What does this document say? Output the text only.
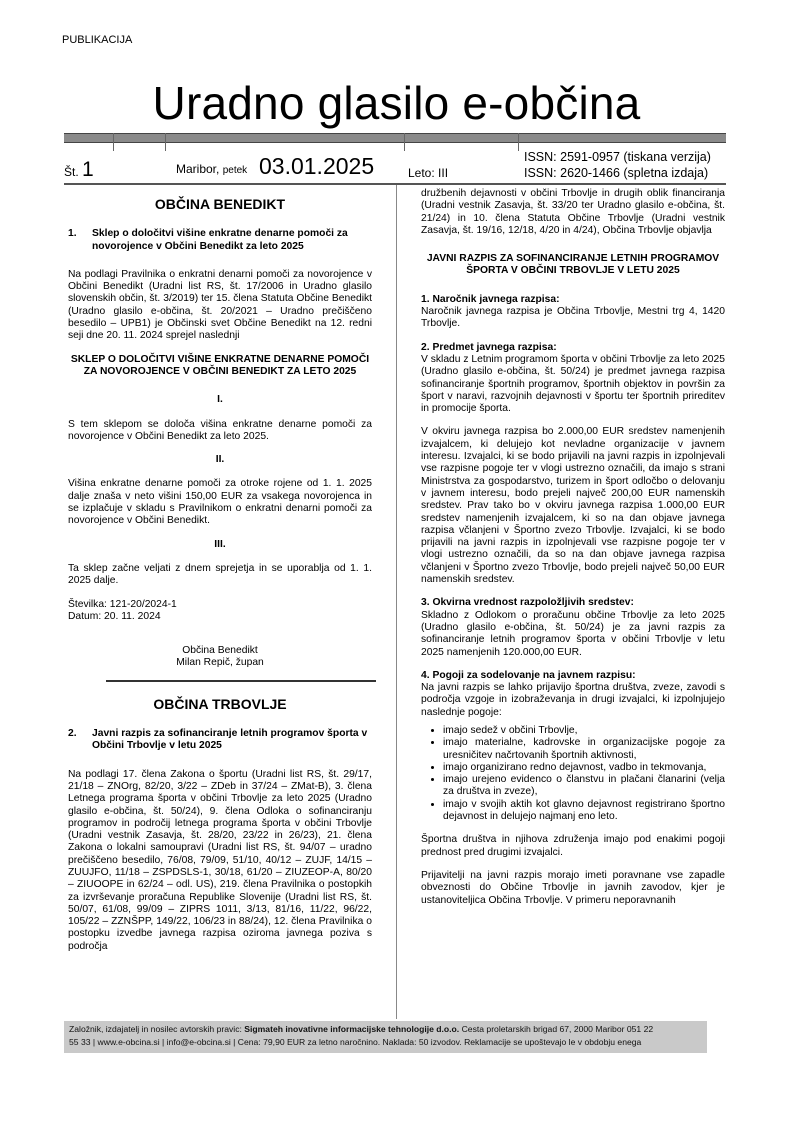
PUBLIKACIJA
Uradno glasilo e-občina
Št. 1	Maribor, petek 03.01.2025	Leto: III
ISSN: 2591-0957 (tiskana verzija)
ISSN: 2620-1466 (spletna izdaja)
OBČINA BENEDIKT
1.	Sklep o določitvi višine enkratne denarne pomoči za novorojence v Občini Benedikt za leto 2025

Na podlagi Pravilnika o enkratni denarni pomoči za novorojence v Občini Benedikt (Uradni list RS, št. 17/2006 in Uradno glasilo slovenskih občin, št. 3/2019) ter 15. člena Statuta Občine Benedikt (Uradno glasilo e-občina, št. 20/2021 – Uradno prečiščeno besedilo – UPB1) je Občinski svet Občine Benedikt na 12. redni seji dne 20. 11. 2024 sprejel naslednji

SKLEP O DOLOČITVI VIŠINE ENKRATNE DENARNE POMOČI ZA NOVOROJENCE V OBČINI BENEDIKT ZA LETO 2025
I.

S tem sklepom se določa višina enkratne denarne pomoči za novorojence v Občini Benedikt za leto 2025.

II.

Višina enkratne denarne pomoči za otroke rojene od 1. 1. 2025 dalje znaša v neto višini 150,00 EUR za vsakega novorojenca in se izplačuje v skladu s Pravilnikom o enkratni denarni pomoči za novorojence v Občini Benedikt.

III.

Ta sklep začne veljati z dnem sprejetja in se uporablja od 1. 1. 2025 dalje.

Številka: 121-20/2024-1
Datum: 20. 11. 2024
Občina Benedikt
Milan Repič, župan
OBČINA TRBOVLJE
2.	Javni razpis za sofinanciranje letnih programov športa v Občini Trbovlje v letu 2025

Na podlagi 17. člena Zakona o športu (Uradni list RS, št. 29/17, 21/18 – ZNOrg, 82/20, 3/22 – ZDeb in 37/24 – ZMat-B), 3. člena Letnega programa športa v občini Trbovlje za leto 2025 (Uradno glasilo e-občina, št. 50/24), 9. člena Odloka o sofinanciranju programov in področij letnega programa športa v občini Trbovlje (Uradni vestnik Zasavja, št. 28/20, 23/22 in 26/23), 21. člena Zakona o lokalni samoupravi (Uradni list RS, št. 94/07 – uradno prečiščeno besedilo, 76/08, 79/09, 51/10, 40/12 – ZUJF, 14/15 – ZUUJFO, 11/18 – ZSPDSLS-1, 30/18, 61/20 – ZIUZEOP-A, 80/20 – ZIUOOPE in 62/24 – odl. US), 219. člena Pravilnika o postopkih za izvrševanje proračuna Republike Slovenije (Uradni list RS, št. 50/07, 61/08, 99/09 – ZIPRS 1011, 3/13, 81/16, 11/22, 96/22, 105/22 – ZZNŠPP, 149/22, 106/23 in 88/24), 12. člena Pravilnika o postopku izvedbe javnega razpisa oziroma javnega poziva s področja

družbenih dejavnosti v občini Trbovlje in drugih oblik financiranja (Uradni vestnik Zasavja, št. 33/20 ter Uradno glasilo e-občina, št. 21/24) in 10. člena Statuta Občine Trbovlje (Uradni vestnik Zasavja, št. 19/16, 12/18, 4/20 in 4/24), Občina Trbovlje objavlja

JAVNI RAZPIS ZA SOFINANCIRANJE LETNIH PROGRAMOV ŠPORTA V OBČINI TRBOVLJE V LETU 2025
1. Naročnik javnega razpisa:

Naročnik javnega razpisa je Občina Trbovlje, Mestni trg 4, 1420 Trbovlje.

2. Predmet javnega razpisa:

V skladu z Letnim programom športa v občini Trbovlje za leto 2025 (Uradno glasilo e-občina, št. 50/24) je predmet javnega razpisa sofinanciranje športnih programov, športnih objektov in površin za šport v naravi, razvojnih dejavnosti v športu ter športnih prireditev in promocije športa.

V okviru javnega razpisa bo 2.000,00 EUR sredstev namenjenih izvajalcem, ki delujejo kot nevladne organizacije v javnem interesu. Izvajalci, ki se bodo prijavili na javni razpis in izpolnjevali vse razpisne pogoje ter v vlogi ustrezno označili, da imajo s strani Ministrstva za gospodarstvo, turizem in šport odločbo o delovanju v javnem interesu, bodo prejeli največ 200,00 EUR namenskih sredstev. Prav tako bo v okviru javnega razpisa 1.000,00 EUR sredstev namenjenih izvajalcem, ki so na dan objave javnega razpisa včlanjeni v Športno zvezo Trbovlje. Izvajalci, ki se bodo prijavili na javni razpis in izpolnjevali vse razpisne pogoje ter v vlogi ustrezno označili, da so na dan objave javnega razpisa včlanjeni v Športno zvezo Trbovlje, bodo prejeli največ 50,00 EUR namenskih sredstev.

3. Okvirna vrednost razpoložljivih sredstev:

Skladno z Odlokom o proračunu občine Trbovlje za leto 2025 (Uradno glasilo e-občina, št. 50/24) je za javni razpis za sofinanciranje letnih programov športa v občini Trbovlje v letu 2025 namenjenih 120.000,00 EUR.

4. Pogoji za sodelovanje na javnem razpisu:

Na javni razpis se lahko prijavijo športna društva, zveze, zavodi s področja vzgoje in izobraževanja in drugi izvajalci, ki izpolnjujejo naslednje pogoje:

• imajo sedež v občini Trbovlje,
• imajo materialne, kadrovske in organizacijske pogoje za uresničitev načrtovanih športnih aktivnosti,
• imajo organizirano redno dejavnost, vadbo in tekmovanja,
• imajo urejeno evidenco o članstvu in plačani članarini (velja za društva in zveze),
• imajo v svojih aktih kot glavno dejavnost registrirano športno dejavnost in delujejo najmanj eno leto.

Športna društva in njihova združenja imajo pod enakimi pogoji prednost pred drugimi izvajalci.

Prijavitelji na javni razpis morajo imeti poravnane vse zapadle obveznosti do Občine Trbovlje in javnih zavodov, kjer je ustanoviteljica Občina Trbovlje. V primeru neporavnanih

Založnik, izdajatelj in nosilec avtorskih pravic: Sigmateh inovativne informacijske tehnologije d.o.o. Cesta proletarskih brigad 67, 2000 Maribor 051 22
55 33 | www.e-obcina.si | info@e-obcina.si | Cena: 79,90 EUR za letno naročnino. Naklada: 50 izvodov. Reklamacije se upoštevajo le v obdobju enega
